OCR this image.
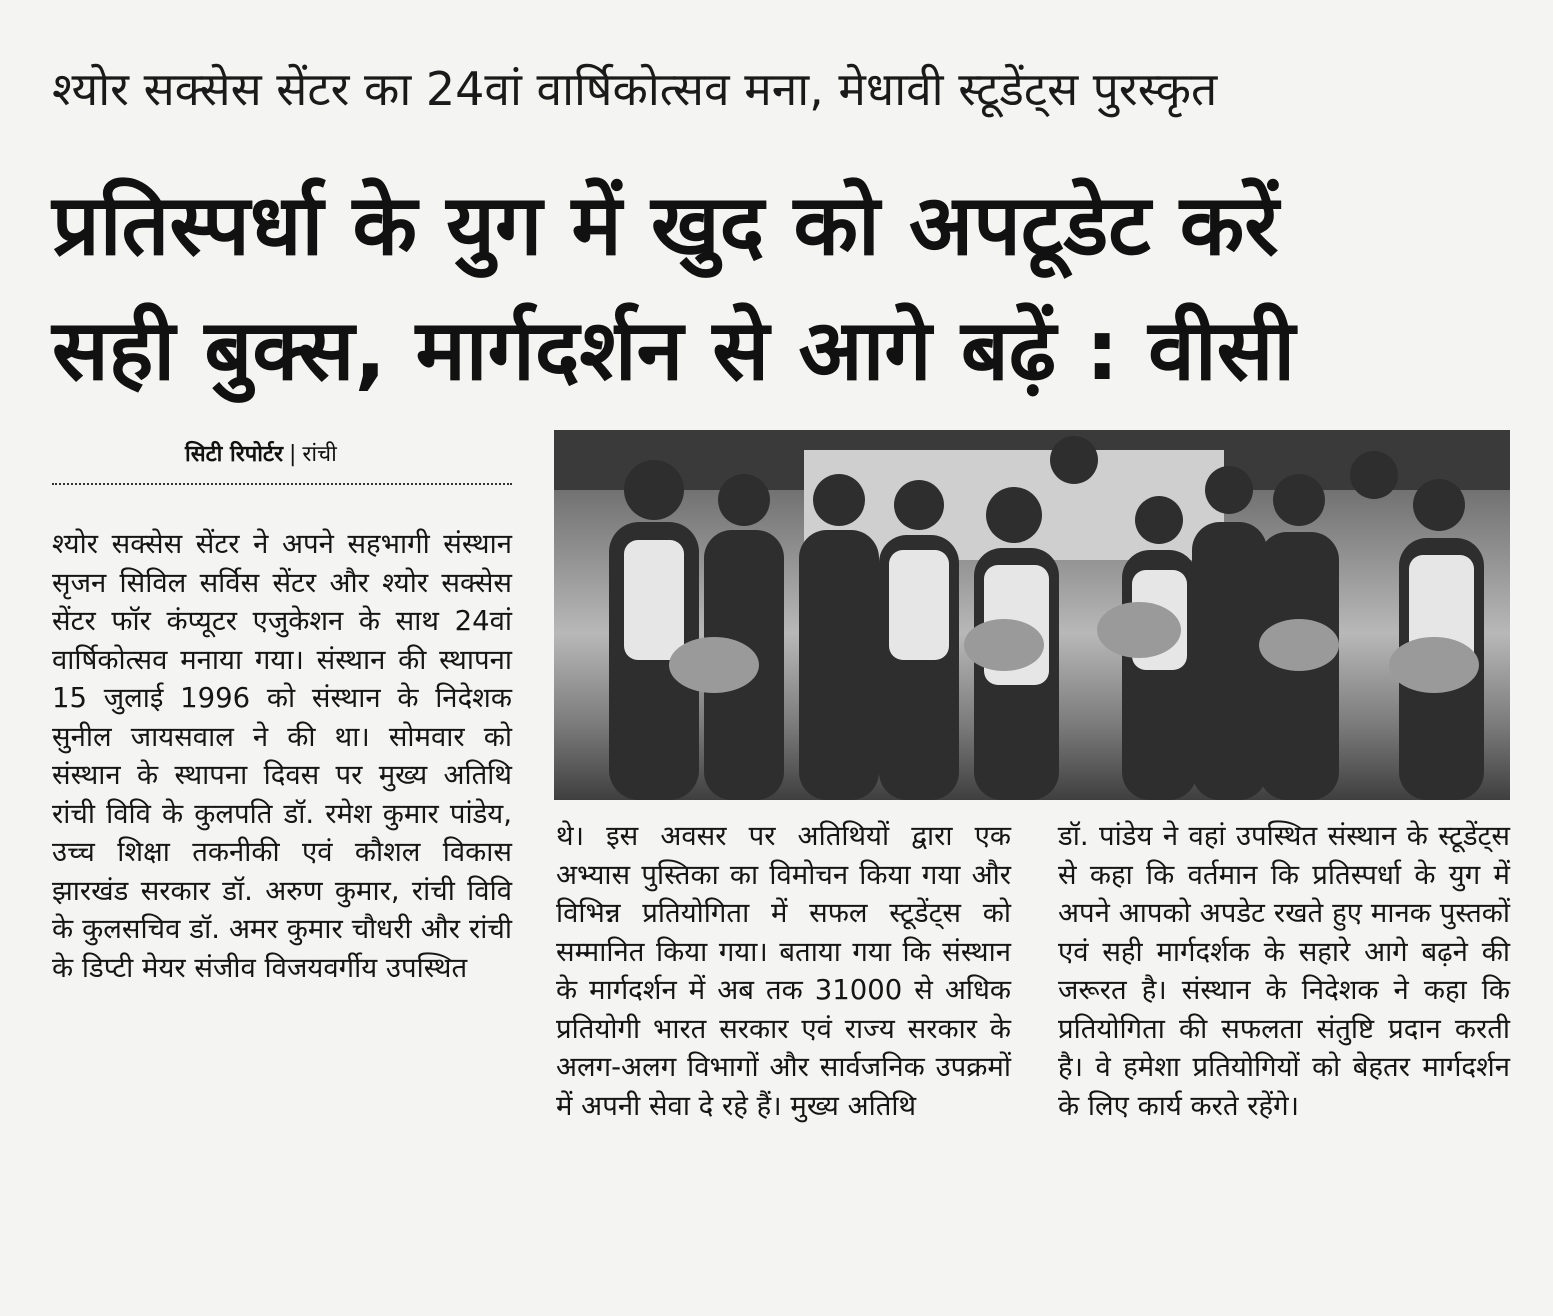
श्योर सक्सेस सेंटर का 24वां वार्षिकोत्सव मना, मेधावी स्टूडेंट्स पुरस्कृत
प्रतिस्पर्धा के युग में खुद को अपटूडेट करें
सही बुक्स, मार्गदर्शन से आगे बढ़ें : वीसी
सिटी रिपोर्टर | रांची
श्योर सक्सेस सेंटर ने अपने सहभागी संस्थान सृजन सिविल सर्विस सेंटर और श्योर सक्सेस सेंटर फॉर कंप्यूटर एजुकेशन के साथ 24वां वार्षिकोत्सव मनाया गया। संस्थान की स्थापना 15 जुलाई 1996 को संस्थान के निदेशक सुनील जायसवाल ने की था। सोमवार को संस्थान के स्थापना दिवस पर मुख्य अतिथि रांची विवि के कुलपति डॉ. रमेश कुमार पांडेय, उच्च शिक्षा तकनीकी एवं कौशल विकास झारखंड सरकार डॉ. अरुण कुमार, रांची विवि के कुलसचिव डॉ. अमर कुमार चौधरी और रांची के डिप्टी मेयर संजीव विजयवर्गीय उपस्थित
थे। इस अवसर पर अतिथियों द्वारा एक अभ्यास पुस्तिका का विमोचन किया गया और विभिन्न प्रतियोगिता में सफल स्टूडेंट्स को सम्मानित किया गया। बताया गया कि संस्थान के मार्गदर्शन में अब तक 31000 से अधिक प्रतियोगी भारत सरकार एवं राज्य सरकार के अलग-अलग विभागों और सार्वजनिक उपक्रमों में अपनी सेवा दे रहे हैं। मुख्य अतिथि
डॉ. पांडेय ने वहां उपस्थित संस्थान के स्टूडेंट्स से कहा कि वर्तमान कि प्रतिस्पर्धा के युग में अपने आपको अपडेट रखते हुए मानक पुस्तकों एवं सही मार्गदर्शक के सहारे आगे बढ़ने की जरूरत है। संस्थान के निदेशक ने कहा कि प्रतियोगिता की सफलता संतुष्टि प्रदान करती है। वे हमेशा प्रतियोगियों को बेहतर मार्गदर्शन के लिए कार्य करते रहेंगे।
